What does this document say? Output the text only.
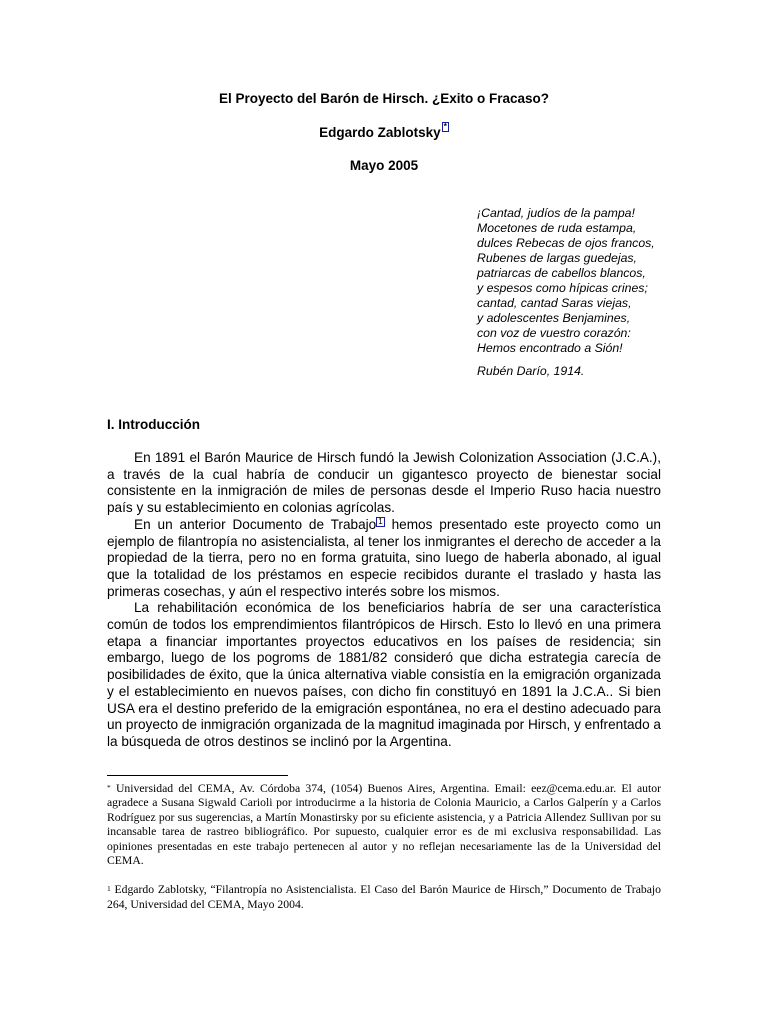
El Proyecto del Barón de Hirsch. ¿Exito o Fracaso?
Edgardo Zablotsky *
Mayo 2005
¡Cantad, judíos de la pampa!
Mocetones de ruda estampa,
dulces Rebecas de ojos francos,
Rubenes de largas guedejas,
patriarcas de cabellos blancos,
y espesos como hípicas crines;
cantad, cantad Saras viejas,
y adolescentes Benjamines,
con voz de vuestro corazón:
Hemos encontrado a Sión!
Rubén Darío, 1914.
I. Introducción

En 1891 el Barón Maurice de Hirsch fundó la Jewish Colonization Association (J.C.A.), a través de la cual habría de conducir un gigantesco proyecto de bienestar social consistente en la inmigración de miles de personas desde el Imperio Ruso hacia nuestro país y su establecimiento en colonias agrícolas.

En un anterior Documento de Trabajo 1 hemos presentado este proyecto como un ejemplo de filantropía no asistencialista, al tener los inmigrantes el derecho de acceder a la propiedad de la tierra, pero no en forma gratuita, sino luego de haberla abonado, al igual que la totalidad de los préstamos en especie recibidos durante el traslado y hasta las primeras cosechas, y aún el respectivo interés sobre los mismos.

La rehabilitación económica de los beneficiarios habría de ser una característica común de todos los emprendimientos filantrópicos de Hirsch. Esto lo llevó en una primera etapa a financiar importantes proyectos educativos en los países de residencia; sin embargo, luego de los pogroms de 1881/82 consideró que dicha estrategia carecía de posibilidades de éxito, que la única alternativa viable consistía en la emigración organizada y el establecimiento en nuevos países, con dicho fin constituyó en 1891 la J.C.A.. Si bien USA era el destino preferido de la emigración espontánea, no era el destino adecuado para un proyecto de inmigración organizada de la magnitud imaginada por Hirsch, y enfrentado a la búsqueda de otros destinos se inclinó por la Argentina.

* Universidad del CEMA, Av. Córdoba 374, (1054) Buenos Aires, Argentina. Email: eez@cema.edu.ar. El autor agradece a Susana Sigwald Carioli por introducirme a la historia de Colonia Mauricio, a Carlos Galperín y a Carlos Rodríguez por sus sugerencias, a Martín Monastirsky por su eficiente asistencia, y a Patricia Allendez Sullivan por su incansable tarea de rastreo bibliográfico. Por supuesto, cualquier error es de mi exclusiva responsabilidad. Las opiniones presentadas en este trabajo pertenecen al autor y no reflejan necesariamente las de la Universidad del CEMA.

$^1$ Edgardo Zablotsky, “Filantropía no Asistencialista. El Caso del Barón Maurice de Hirsch,” Documento de Trabajo 264, Universidad del CEMA, Mayo 2004.
